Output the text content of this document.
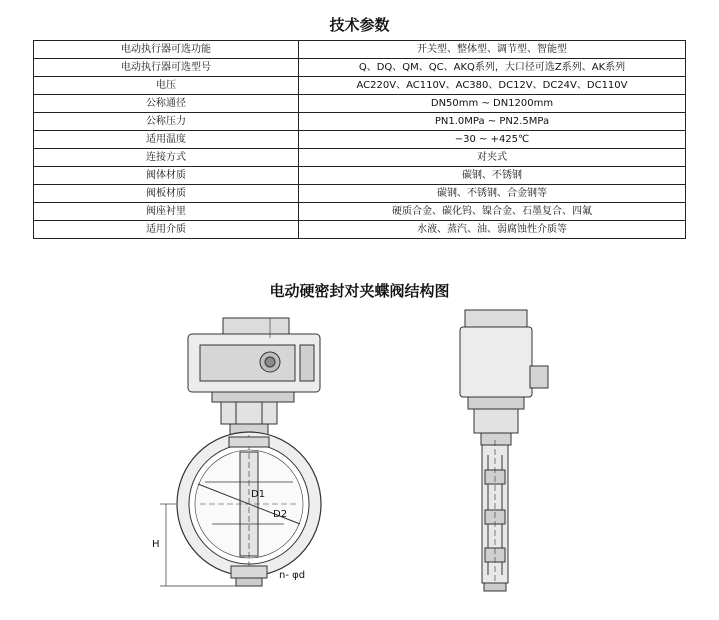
技术参数
电动执行器可选功能	开关型、整体型、调节型、智能型
电动执行器可选型号	Q、DQ、QM、QC、AKQ系列，大口径可选Z系列、AK系列
电压	AC220V、AC110V、AC380、DC12V、DC24V、DC110V
公称通径	DN50mm ~ DN1200mm
公称压力	PN1.0MPa ~ PN2.5MPa
适用温度	−30 ~ +425℃
连接方式	对夹式
阀体材质	碳钢、不锈钢
阀板材质	碳钢、不锈钢、合金钢等
阀座衬里	硬质合金、碳化钨、镍合金、石墨复合、四氟
适用介质	水液、蒸汽、油、弱腐蚀性介质等
电动硬密封对夹蝶阀结构图
D1
D2
H
n- φd
